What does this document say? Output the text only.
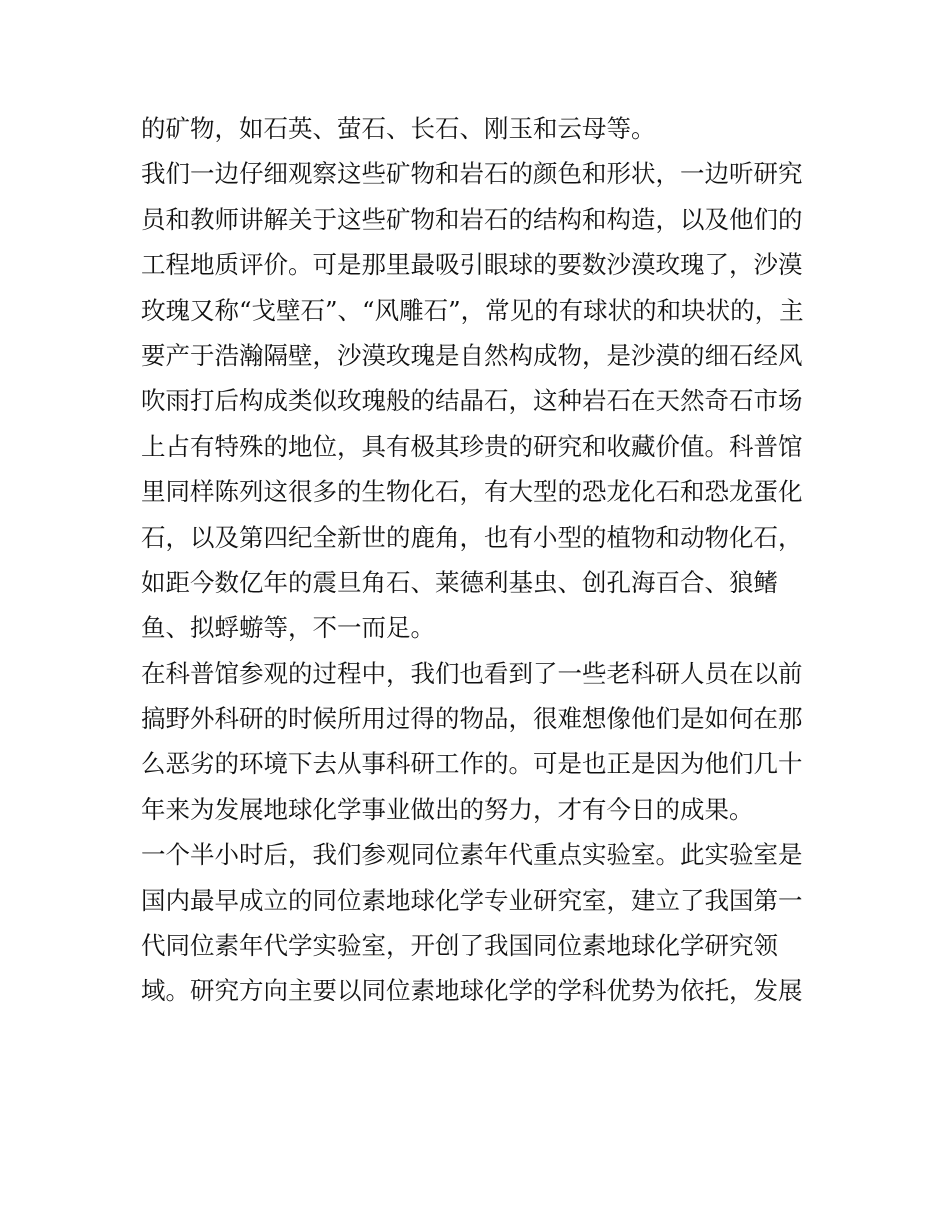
的矿物，如石英、萤石、长石、刚玉和云母等。
我们一边仔细观察这些矿物和岩石的颜色和形状，一边听研究
员和教师讲解关于这些矿物和岩石的结构和构造，以及他们的
工程地质评价。可是那里最吸引眼球的要数沙漠玫瑰了，沙漠
玫瑰又称“戈壁石”、“风雕石”，常见的有球状的和块状的，主
要产于浩瀚隔壁，沙漠玫瑰是自然构成物，是沙漠的细石经风
吹雨打后构成类似玫瑰般的结晶石，这种岩石在天然奇石市场
上占有特殊的地位，具有极其珍贵的研究和收藏价值。科普馆
里同样陈列这很多的生物化石，有大型的恐龙化石和恐龙蛋化
石，以及第四纪全新世的鹿角，也有小型的植物和动物化石，
如距今数亿年的震旦角石、莱德利基虫、创孔海百合、狼鳍
鱼、拟蜉蝣等，不一而足。
在科普馆参观的过程中，我们也看到了一些老科研人员在以前
搞野外科研的时候所用过得的物品，很难想像他们是如何在那
么恶劣的环境下去从事科研工作的。可是也正是因为他们几十
年来为发展地球化学事业做出的努力，才有今日的成果。
一个半小时后，我们参观同位素年代重点实验室。此实验室是
国内最早成立的同位素地球化学专业研究室，建立了我国第一
代同位素年代学实验室，开创了我国同位素地球化学研究领
域。研究方向主要以同位素地球化学的学科优势为依托，发展
